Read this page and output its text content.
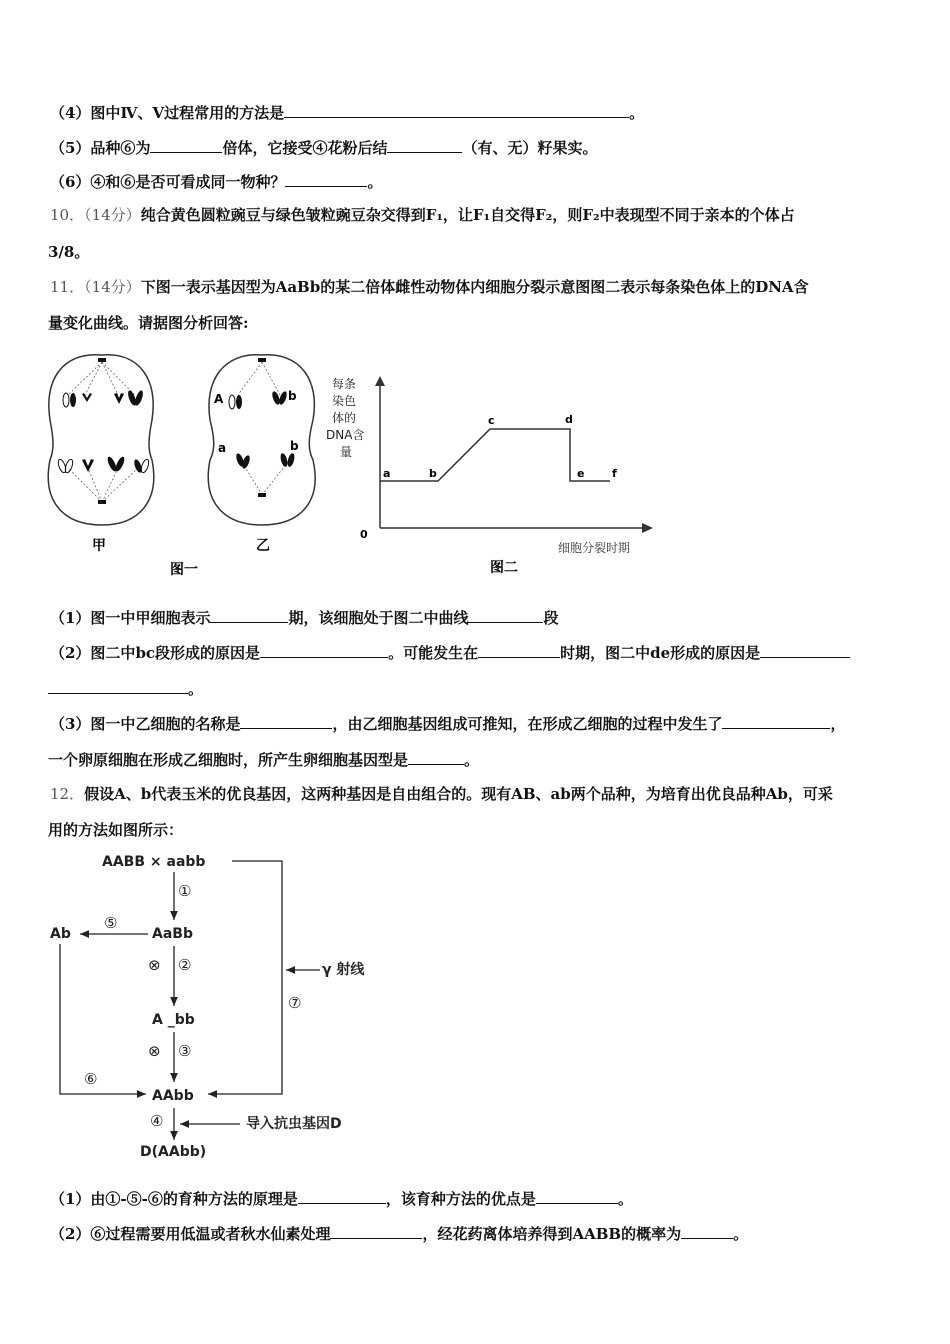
（4）图中Ⅳ、Ⅴ过程常用的方法是	。
（5）品种⑥为	倍体，它接受④花粉后结	（有、无）籽果实。
（6）④和⑥是否可看成同一物种？	。
10．（14分）纯合黄色圆粒豌豆与绿色皱粒豌豆杂交得到F₁，让F₁自交得F₂，则F₂中表现型不同于亲本的个体占
3/8。
11．（14分）下图一表示基因型为AaBb的某二倍体雌性动物体内细胞分裂示意图图二表示每条染色体上的DNA含
量变化曲线。请据图分析回答:
甲
A	b
a	b
乙
图一
每条
染色
体的
DNA含
量
0
细胞分裂时期
a	b
c	d
e	f
图二
（1）图一中甲细胞表示	期，该细胞处于图二中曲线	段
（2）图二中bc段形成的原因是	。可能发生在	时期，图二中de形成的原因是
。
（3）图一中乙细胞的名称是	，由乙细胞基因组成可推知，在形成乙细胞的过程中发生了	，
一个卵原细胞在形成乙细胞时，所产生卵细胞基因型是	。
12．假设A、b代表玉米的优良基因，这两种基因是自由组合的。现有AB、ab两个品种，为培育出优良品种Ab，可采
用的方法如图所示：
AABB × aabb
AaBb
Ab
A _bb
AAbb
D(AAbb)
①
②
③
④
⑤
⑥
⑦
⊗
⊗
γ 射线
导入抗虫基因D
（1）由①-⑤-⑥的育种方法的原理是	，该育种方法的优点是	。
（2）⑥过程需要用低温或者秋水仙素处理	，经花药离体培养得到AABB的概率为	。
